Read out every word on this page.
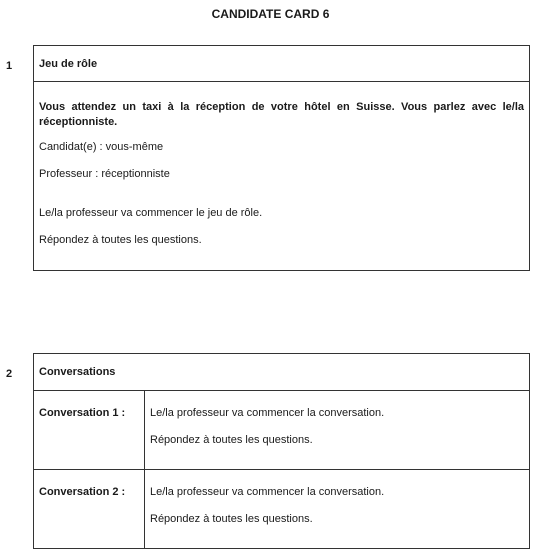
CANDIDATE CARD 6
1	Jeu de rôle

Vous attendez un taxi à la réception de votre hôtel en Suisse. Vous parlez avec le/la réceptionniste.

Candidat(e) : vous-même

Professeur : réceptionniste

Le/la professeur va commencer le jeu de rôle.

Répondez à toutes les questions.

2	Conversations
Conversation 1 :	Le/la professeur va commencer la conversation.

Répondez à toutes les questions.

Conversation 2 :	Le/la professeur va commencer la conversation.

Répondez à toutes les questions.
